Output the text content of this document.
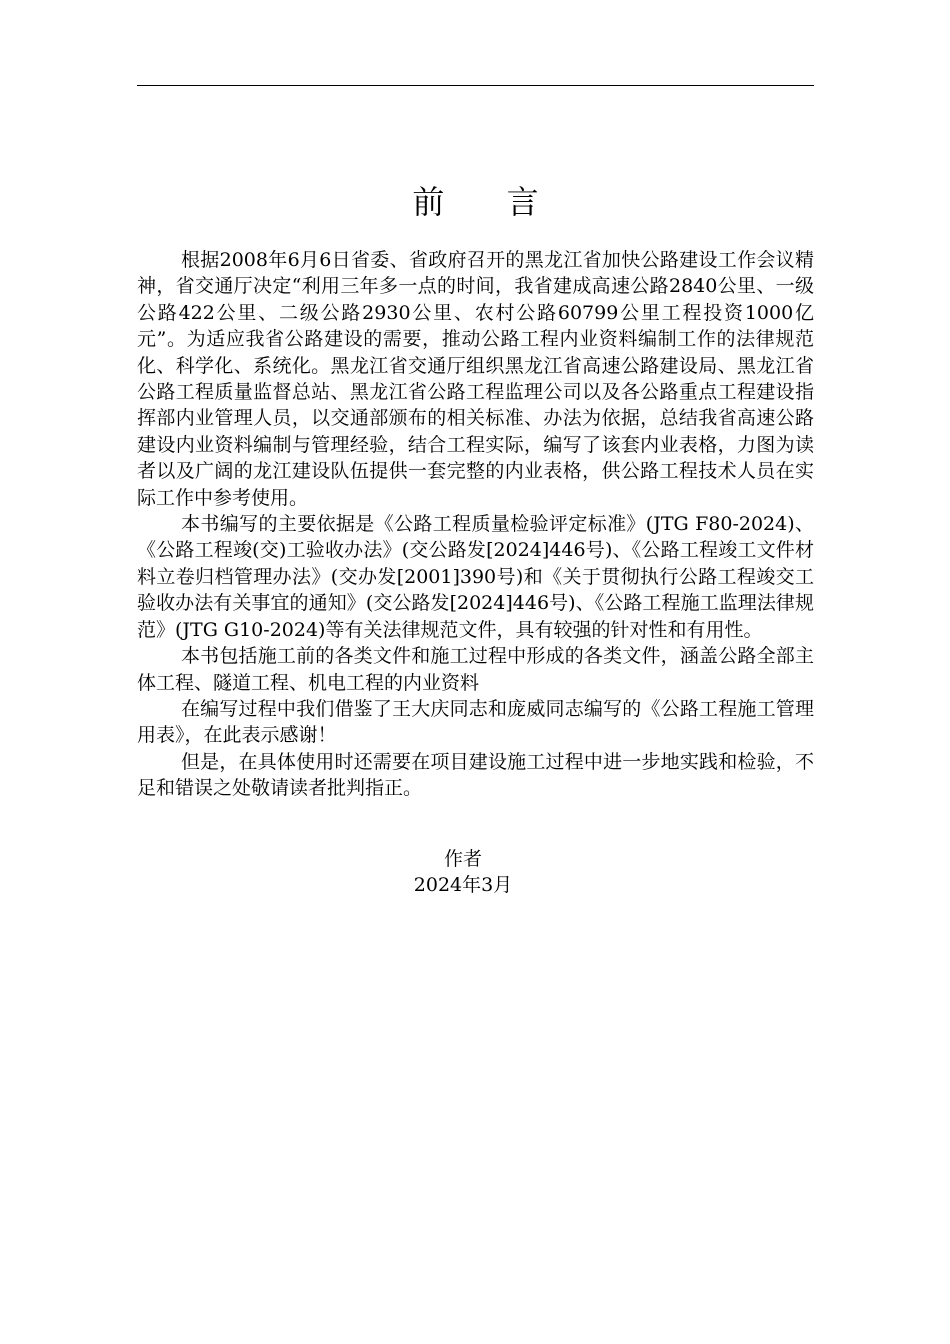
前 言

根据2008年6月6日省委、省政府召开的黑龙江省加快公路建设工作会议精神，省交通厅决定“利用三年多一点的时间，我省建成高速公路2840公里、一级公路422公里、二级公路2930公里、农村公路60799公里工程投资1000亿元”。为适应我省公路建设的需要，推动公路工程内业资料编制工作的法律规范化、科学化、系统化。黑龙江省交通厅组织黑龙江省高速公路建设局、黑龙江省公路工程质量监督总站、黑龙江省公路工程监理公司以及各公路重点工程建设指挥部内业管理人员，以交通部颁布的相关标准、办法为依据，总结我省高速公路建设内业资料编制与管理经验，结合工程实际，编写了该套内业表格，力图为读者以及广阔的龙江建设队伍提供一套完整的内业表格，供公路工程技术人员在实际工作中参考使用。

本书编写的主要依据是《公路工程质量检验评定标准》(JTG F80-2024)、《公路工程竣(交)工验收办法》(交公路发[2024]446号)、《公路工程竣工文件材料立卷归档管理办法》(交办发[2001]390号)和《关于贯彻执行公路工程竣交工验收办法有关事宜的通知》(交公路发[2024]446号)、《公路工程施工监理法律规范》(JTG G10-2024)等有关法律规范文件，具有较强的针对性和有用性。

本书包括施工前的各类文件和施工过程中形成的各类文件，涵盖公路全部主体工程、隧道工程、机电工程的内业资料

在编写过程中我们借鉴了王大庆同志和庞威同志编写的《公路工程施工管理用表》，在此表示感谢！

但是，在具体使用时还需要在项目建设施工过程中进一步地实践和检验，不足和错误之处敬请读者批判指正。

作者
2024年3月
